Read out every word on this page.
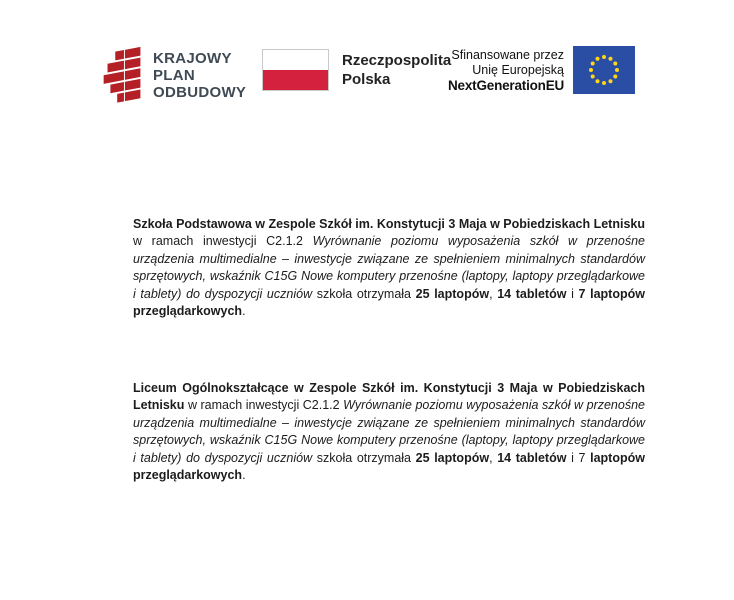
KRAJOWY
PLAN
ODBUDOWY
Rzeczpospolita
Polska
Sfinansowane przez
Unię Europejską
NextGenerationEU

Szkoła Podstawowa w Zespole Szkół im. Konstytucji 3 Maja w Pobiedziskach Letnisku w ramach inwestycji C2.1.2 Wyrównanie poziomu wyposażenia szkół w przenośne urządzenia multimedialne – inwestycje związane ze spełnieniem minimalnych standardów sprzętowych, wskaźnik C15G Nowe komputery przenośne (laptopy, laptopy przeglądarkowe i tablety) do dyspozycji uczniów szkoła otrzymała 25 laptopów, 14 tabletów i 7 laptopów przeglądarkowych.

Liceum Ogólnokształcące w Zespole Szkół im. Konstytucji 3 Maja w Pobiedziskach Letnisku w ramach inwestycji C2.1.2 Wyrównanie poziomu wyposażenia szkół w przenośne urządzenia multimedialne – inwestycje związane ze spełnieniem minimalnych standardów sprzętowych, wskaźnik C15G Nowe komputery przenośne (laptopy, laptopy przeglądarkowe i tablety) do dyspozycji uczniów szkoła otrzymała 25 laptopów, 14 tabletów i 7 laptopów przeglądarkowych.
